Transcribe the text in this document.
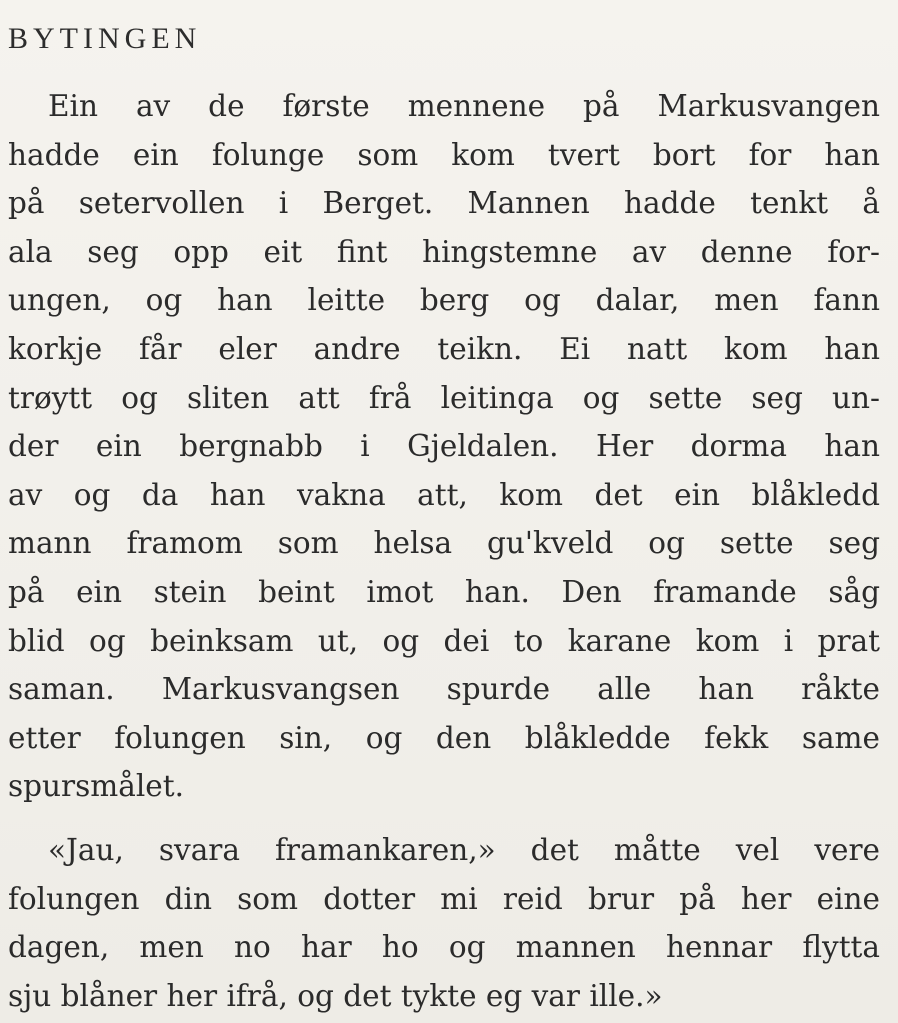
BYTINGEN
Ein av de første mennene på Markusvangen
hadde ein folunge som kom tvert bort for han
på setervollen i Berget. Mannen hadde tenkt å
ala seg opp eit fint hingstemne av denne for-
ungen, og han leitte berg og dalar, men fann
korkje får eler andre teikn. Ei natt kom han
trøytt og sliten att frå leitinga og sette seg un-
der ein bergnabb i Gjeldalen. Her dorma han
av og da han vakna att, kom det ein blåkledd
mann framom som helsa gu'kveld og sette seg
på ein stein beint imot han. Den framande såg
blid og beinksam ut, og dei to karane kom i prat
saman. Markusvangsen spurde alle han råkte
etter folungen sin, og den blåkledde fekk same
spursmålet.
«Jau, svara framankaren,» det måtte vel vere
folungen din som dotter mi reid brur på her eine
dagen, men no har ho og mannen hennar flytta
sju blåner her ifrå, og det tykte eg var ille.»
